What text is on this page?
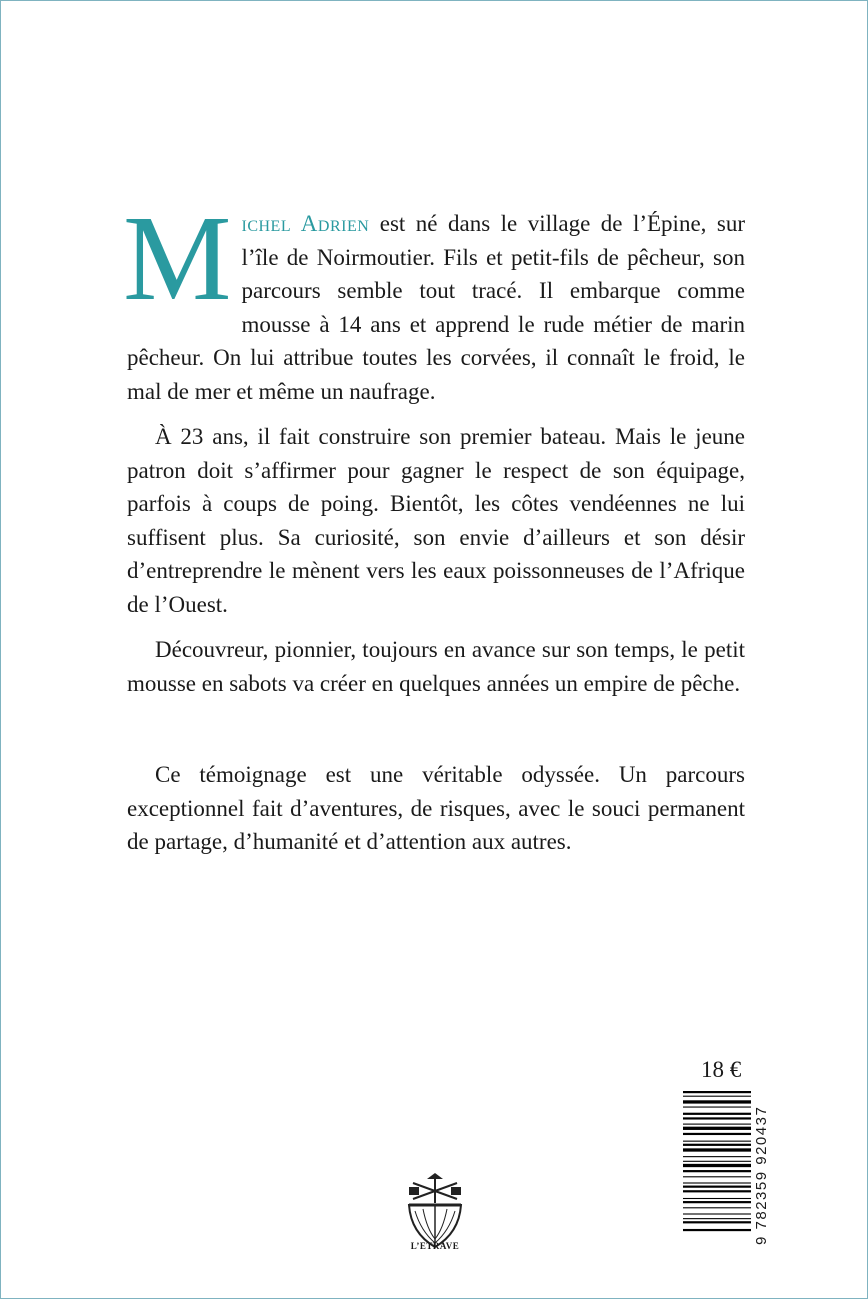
M ichel Adrien est né dans le village de l’Épine, sur l’île de Noirmoutier. Fils et petit-fils de pêcheur, son parcours semble tout tracé. Il embarque comme mousse à 14 ans et apprend le rude métier de marin pêcheur. On lui attribue toutes les corvées, il connaît le froid, le mal de mer et même un naufrage.

À 23 ans, il fait construire son premier bateau. Mais le jeune patron doit s’affirmer pour gagner le respect de son équipage, parfois à coups de poing. Bientôt, les côtes vendéennes ne lui suffisent plus. Sa curiosité, son envie d’ailleurs et son désir d’entreprendre le mènent vers les eaux poissonneuses de l’Afrique de l’Ouest.

Découvreur, pionnier, toujours en avance sur son temps, le petit mousse en sabots va créer en quelques années un empire de pêche.

Ce témoignage est une véritable odyssée. Un parcours exceptionnel fait d’aventures, de risques, avec le souci permanent de partage, d’humanité et d’attention aux autres.

18 €
9 782359 920437
L’ETRAVE
